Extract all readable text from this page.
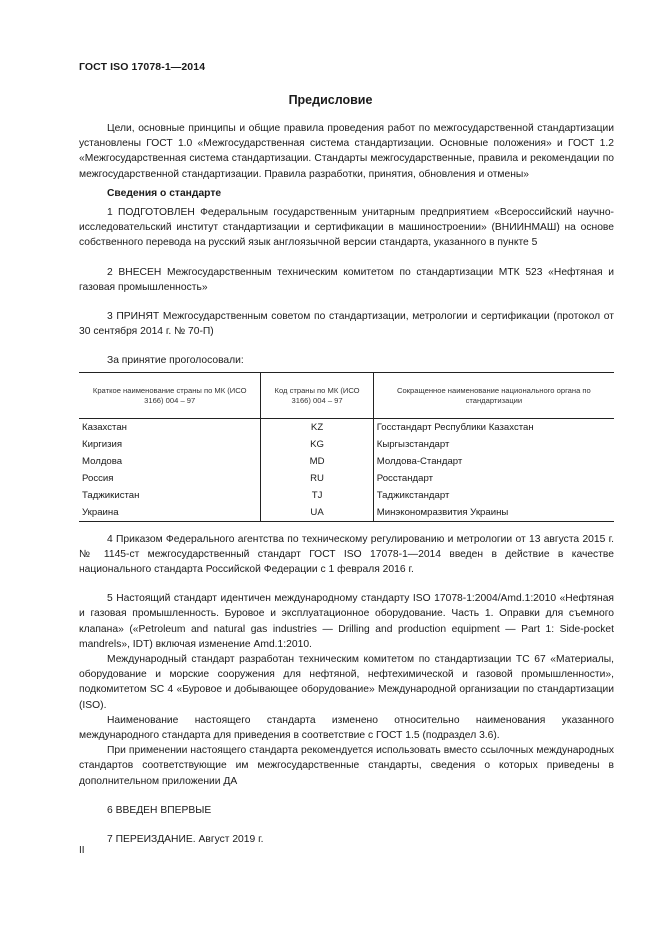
ГОСТ ISO 17078-1—2014
Предисловие

Цели, основные принципы и общие правила проведения работ по межгосударственной стандартизации установлены ГОСТ 1.0 «Межгосударственная система стандартизации. Основные положения» и ГОСТ 1.2 «Межгосударственная система стандартизации. Стандарты межгосударственные, правила и рекомендации по межгосударственной стандартизации. Правила разработки, принятия, обновления и отмены»

Сведения о стандарте

1 ПОДГОТОВЛЕН Федеральным государственным унитарным предприятием «Всероссийский научно-исследовательский институт стандартизации и сертификации в машиностроении» (ВНИИНМАШ) на основе собственного перевода на русский язык англоязычной версии стандарта, указанного в пункте 5

2 ВНЕСЕН Межгосударственным техническим комитетом по стандартизации МТК 523 «Нефтяная и газовая промышленность»

3 ПРИНЯТ Межгосударственным советом по стандартизации, метрологии и сертификации (протокол от 30 сентября 2014 г. № 70-П)

За принятие проголосовали:

Краткое наименование страны по МК (ИСО 3166) 004 – 97	Код страны по МК (ИСО 3166) 004 – 97	Сокращенное наименование национального органа по стандартизации
Казахстан	KZ	Госстандарт Республики Казахстан
Киргизия	KG	Кыргызстандарт
Молдова	MD	Молдова-Стандарт
Россия	RU	Росстандарт
Таджикистан	TJ	Таджикстандарт
Украина	UA	Минэкономразвития Украины

4 Приказом Федерального агентства по техническому регулированию и метрологии от 13 августа 2015 г. № 1145-ст межгосударственный стандарт ГОСТ ISO 17078-1—2014 введен в действие в качестве национального стандарта Российской Федерации с 1 февраля 2016 г.

5 Настоящий стандарт идентичен международному стандарту ISO 17078-1:2004/Amd.1:2010 «Нефтяная и газовая промышленность. Буровое и эксплуатационное оборудование. Часть 1. Оправки для съемного клапана» («Petroleum and natural gas industries — Drilling and production equipment — Part 1: Side-pocket mandrels», IDT) включая изменение Amd.1:2010.

Международный стандарт разработан техническим комитетом по стандартизации ТС 67 «Материалы, оборудование и морские сооружения для нефтяной, нефтехимической и газовой промышленности», подкомитетом SC 4 «Буровое и добывающее оборудование» Международной организации по стандартизации (ISO).

Наименование настоящего стандарта изменено относительно наименования указанного международного стандарта для приведения в соответствие с ГОСТ 1.5 (подраздел 3.6).

При применении настоящего стандарта рекомендуется использовать вместо ссылочных международных стандартов соответствующие им межгосударственные стандарты, сведения о которых приведены в дополнительном приложении ДА

6 ВВЕДЕН ВПЕРВЫЕ

7 ПЕРЕИЗДАНИЕ. Август 2019 г.

II
